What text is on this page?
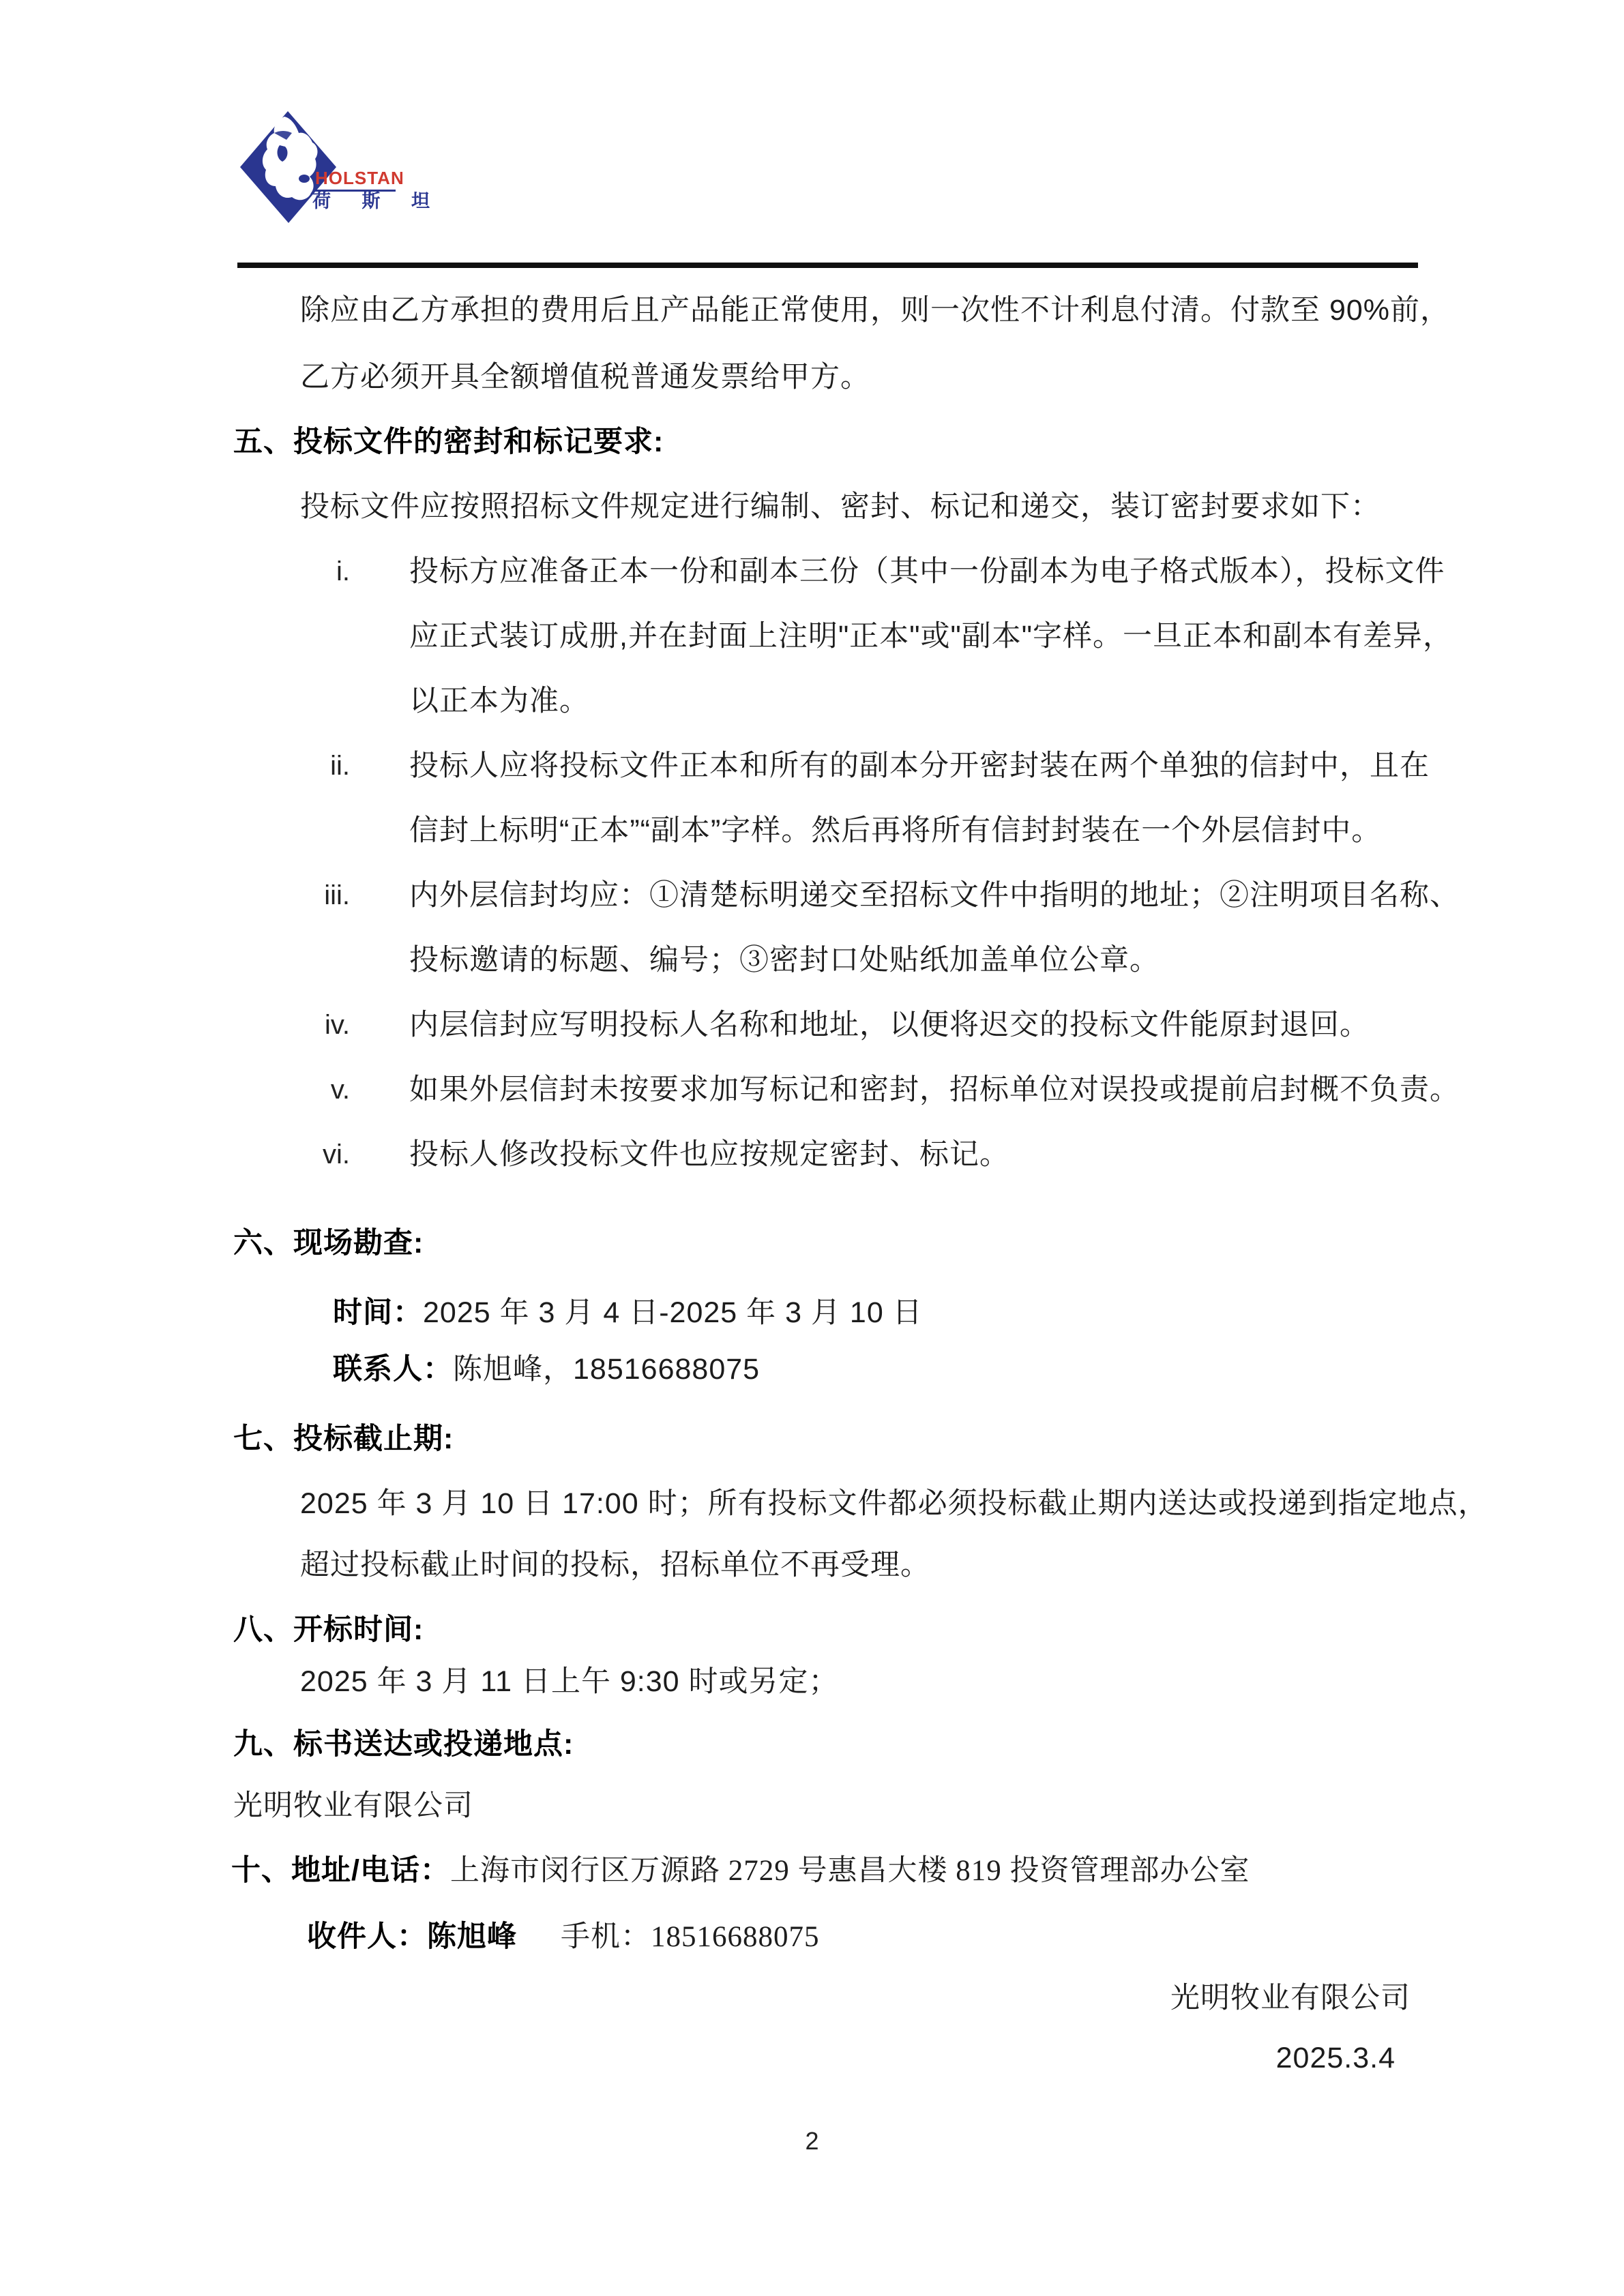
HOLSTAN
荷 斯 坦
除应由乙方承担的费用后且产品能正常使用，则一次性不计利息付清。付款至 90%前，
乙方必须开具全额增值税普通发票给甲方。
五、投标文件的密封和标记要求:
投标文件应按照招标文件规定进行编制、密封、标记和递交，装订密封要求如下：
i. 投标方应准备正本一份和副本三份（其中一份副本为电子格式版本），投标文件
应正式装订成册,并在封面上注明"正本"或"副本"字样。一旦正本和副本有差异，
以正本为准。
ii. 投标人应将投标文件正本和所有的副本分开密封装在两个单独的信封中，且在
信封上标明“正本”“副本”字样。然后再将所有信封封装在一个外层信封中。
iii. 内外层信封均应：①清楚标明递交至招标文件中指明的地址；②注明项目名称、
投标邀请的标题、编号；③密封口处贴纸加盖单位公章。
iv. 内层信封应写明投标人名称和地址，以便将迟交的投标文件能原封退回。
v. 如果外层信封未按要求加写标记和密封，招标单位对误投或提前启封概不负责。
vi. 投标人修改投标文件也应按规定密封、标记。
六、现场勘查:
时间：2025 年 3 月 4 日-2025 年 3 月 10 日
联系人：陈旭峰，18516688075
七、投标截止期:
2025 年 3 月 10 日 17:00 时；所有投标文件都必须投标截止期内送达或投递到指定地点，
超过投标截止时间的投标，招标单位不再受理。
八、开标时间:
2025 年 3 月 11 日上午 9:30 时或另定；
九、标书送达或投递地点:
光明牧业有限公司
十、地址/电话：上海市闵行区万源路 2729 号惠昌大楼 819 投资管理部办公室
收件人：陈旭峰 手机：18516688075
光明牧业有限公司
2025.3.4
2
